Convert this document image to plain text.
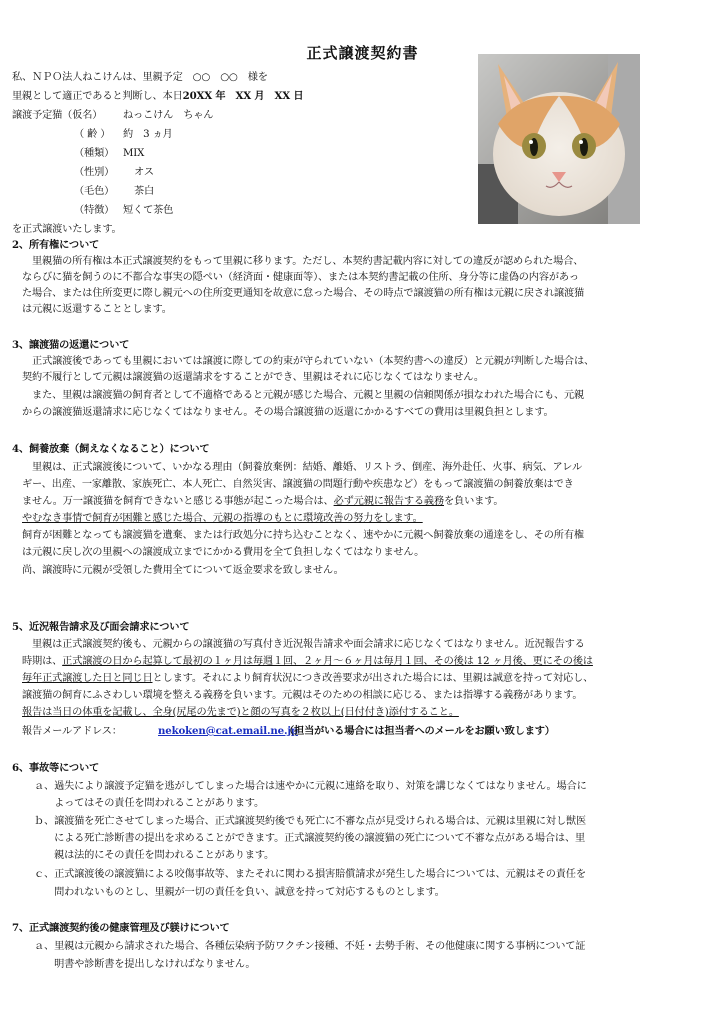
正式譲渡契約書
私、ＮＰＯ法人ねこけんは、里親予定　○○　○○　様を
里親として適正であると判断し、本日20XX 年　XX 月　XX 日
譲渡予定猫（仮名） ねっこけん　ちゃん
（ 齢 ） 約　3 ヵ月
（種類） MIX
（性別） オス
（毛色） 茶白
（特徴） 短くて茶色
を正式譲渡いたします。
2、所有権について
　里親猫の所有権は本正式譲渡契約をもって里親に移ります。ただし、本契約書記載内容に対しての違反が認められた場合、
ならびに猫を飼うのに不都合な事実の隠ぺい（経済面・健康面等）、または本契約書記載の住所、身分等に虚偽の内容があっ
た場合、または住所変更に際し親元への住所変更通知を故意に怠った場合、その時点で譲渡猫の所有権は元親に戻され譲渡猫
は元親に返還することとします。
3、譲渡猫の返還について
　正式譲渡後であっても里親においては譲渡に際しての約束が守られていない（本契約書への違反）と元親が判断した場合は、
契約不履行として元親は譲渡猫の返還請求をすることができ、里親はそれに応じなくてはなりません。
　また、里親は譲渡猫の飼育者として不適格であると元親が感じた場合、元親と里親の信頼関係が損なわれた場合にも、元親
からの譲渡猫返還請求に応じなくてはなりません。その場合譲渡猫の返還にかかるすべての費用は里親負担とします。
4、飼養放棄（飼えなくなること）について
　里親は、正式譲渡後について、いかなる理由（飼養放棄例：結婚、離婚、リストラ、倒産、海外赴任、火事、病気、アレル
ギー、出産、一家離散、家族死亡、本人死亡、自然災害、譲渡猫の問題行動や疾患など）をもって譲渡猫の飼養放棄はでき
ません。万一譲渡猫を飼育できないと感じる事態が起こった場合は、必ず元親に報告する義務を負います。
やむなき事情で飼育が困難と感じた場合、元親の指導のもとに環境改善の努力をします。
飼育が困難となっても譲渡猫を遺棄、または行政処分に持ち込むことなく、速やかに元親へ飼養放棄の通達をし、その所有権
は元親に戻し次の里親への譲渡成立までにかかる費用を全て負担しなくてはなりません。
尚、譲渡時に元親が受領した費用全てについて返金要求を致しません。
5、近況報告請求及び面会請求について
　里親は正式譲渡契約後も、元親からの譲渡猫の写真付き近況報告請求や面会請求に応じなくてはなりません。近況報告する
時期は、正式譲渡の日から起算して最初の１ヶ月は毎週１回、２ヶ月〜６ヶ月は毎月１回、その後は 12 ヶ月後、更にその後は
毎年正式譲渡した日と同じ日とします。それにより飼育状況につき改善要求が出された場合には、里親は誠意を持って対応し、
譲渡猫の飼育にふさわしい環境を整える義務を負います。元親はそのための相談に応じる、または指導する義務があります。
報告は当日の体重を記載し、全身(尻尾の先まで)と顔の写真を２枚以上(日付付き)添付すること。
報告メールアドレス：	nekoken@cat.email.ne.jp
（担当がいる場合には担当者へのメールをお願い致します）
6、事故等について
ａ、過失により譲渡予定猫を逃がしてしまった場合は速やかに元親に連絡を取り、対策を講じなくてはなりません。場合に
　　よってはその責任を問われることがあります。
ｂ、譲渡猫を死亡させてしまった場合、正式譲渡契約後でも死亡に不審な点が見受けられる場合は、元親は里親に対し獣医
　　による死亡診断書の提出を求めることができます。正式譲渡契約後の譲渡猫の死亡について不審な点がある場合は、里
　　親は法的にその責任を問われることがあります。
ｃ、正式譲渡後の譲渡猫による咬傷事故等、またそれに関わる損害賠償請求が発生した場合については、元親はその責任を
　　問われないものとし、里親が一切の責任を負い、誠意を持って対応するものとします。
7、正式譲渡契約後の健康管理及び躾けについて
ａ、里親は元親から請求された場合、各種伝染病予防ワクチン接種、不妊・去勢手術、その他健康に関する事柄について証
　　明書や診断書を提出しなければなりません。
